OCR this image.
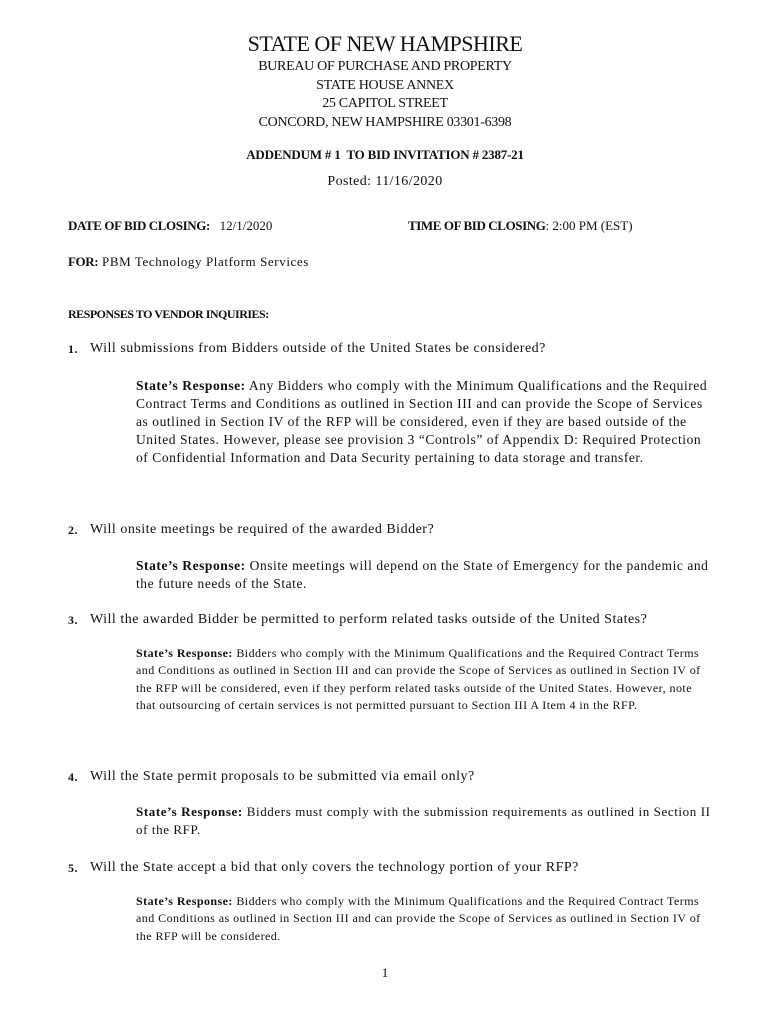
STATE OF NEW HAMPSHIRE
BUREAU OF PURCHASE AND PROPERTY
STATE HOUSE ANNEX
25 CAPITOL STREET
CONCORD, NEW HAMPSHIRE 03301-6398
ADDENDUM # 1  TO BID INVITATION # 2387-21
Posted: 11/16/2020
DATE OF BID CLOSING: 12/1/2020	TIME OF BID CLOSING: 2:00 PM (EST)
FOR: PBM Technology Platform Services
RESPONSES TO VENDOR INQUIRIES:
1. Will submissions from Bidders outside of the United States be considered?
State’s Response: Any Bidders who comply with the Minimum Qualifications and the Required Contract Terms and Conditions as outlined in Section III and can provide the Scope of Services as outlined in Section IV of the RFP will be considered, even if they are based outside of the United States. However, please see provision 3 “Controls” of Appendix D: Required Protection of Confidential Information and Data Security pertaining to data storage and transfer.
2. Will onsite meetings be required of the awarded Bidder?
State’s Response: Onsite meetings will depend on the State of Emergency for the pandemic and the future needs of the State.
3. Will the awarded Bidder be permitted to perform related tasks outside of the United States?
State’s Response: Bidders who comply with the Minimum Qualifications and the Required Contract Terms and Conditions as outlined in Section III and can provide the Scope of Services as outlined in Section IV of the RFP will be considered, even if they perform related tasks outside of the United States. However, note that outsourcing of certain services is not permitted pursuant to Section III A Item 4 in the RFP.
4. Will the State permit proposals to be submitted via email only?
State’s Response: Bidders must comply with the submission requirements as outlined in Section II of the RFP.
5. Will the State accept a bid that only covers the technology portion of your RFP?
State’s Response: Bidders who comply with the Minimum Qualifications and the Required Contract Terms and Conditions as outlined in Section III and can provide the Scope of Services as outlined in Section IV of the RFP will be considered.
1
